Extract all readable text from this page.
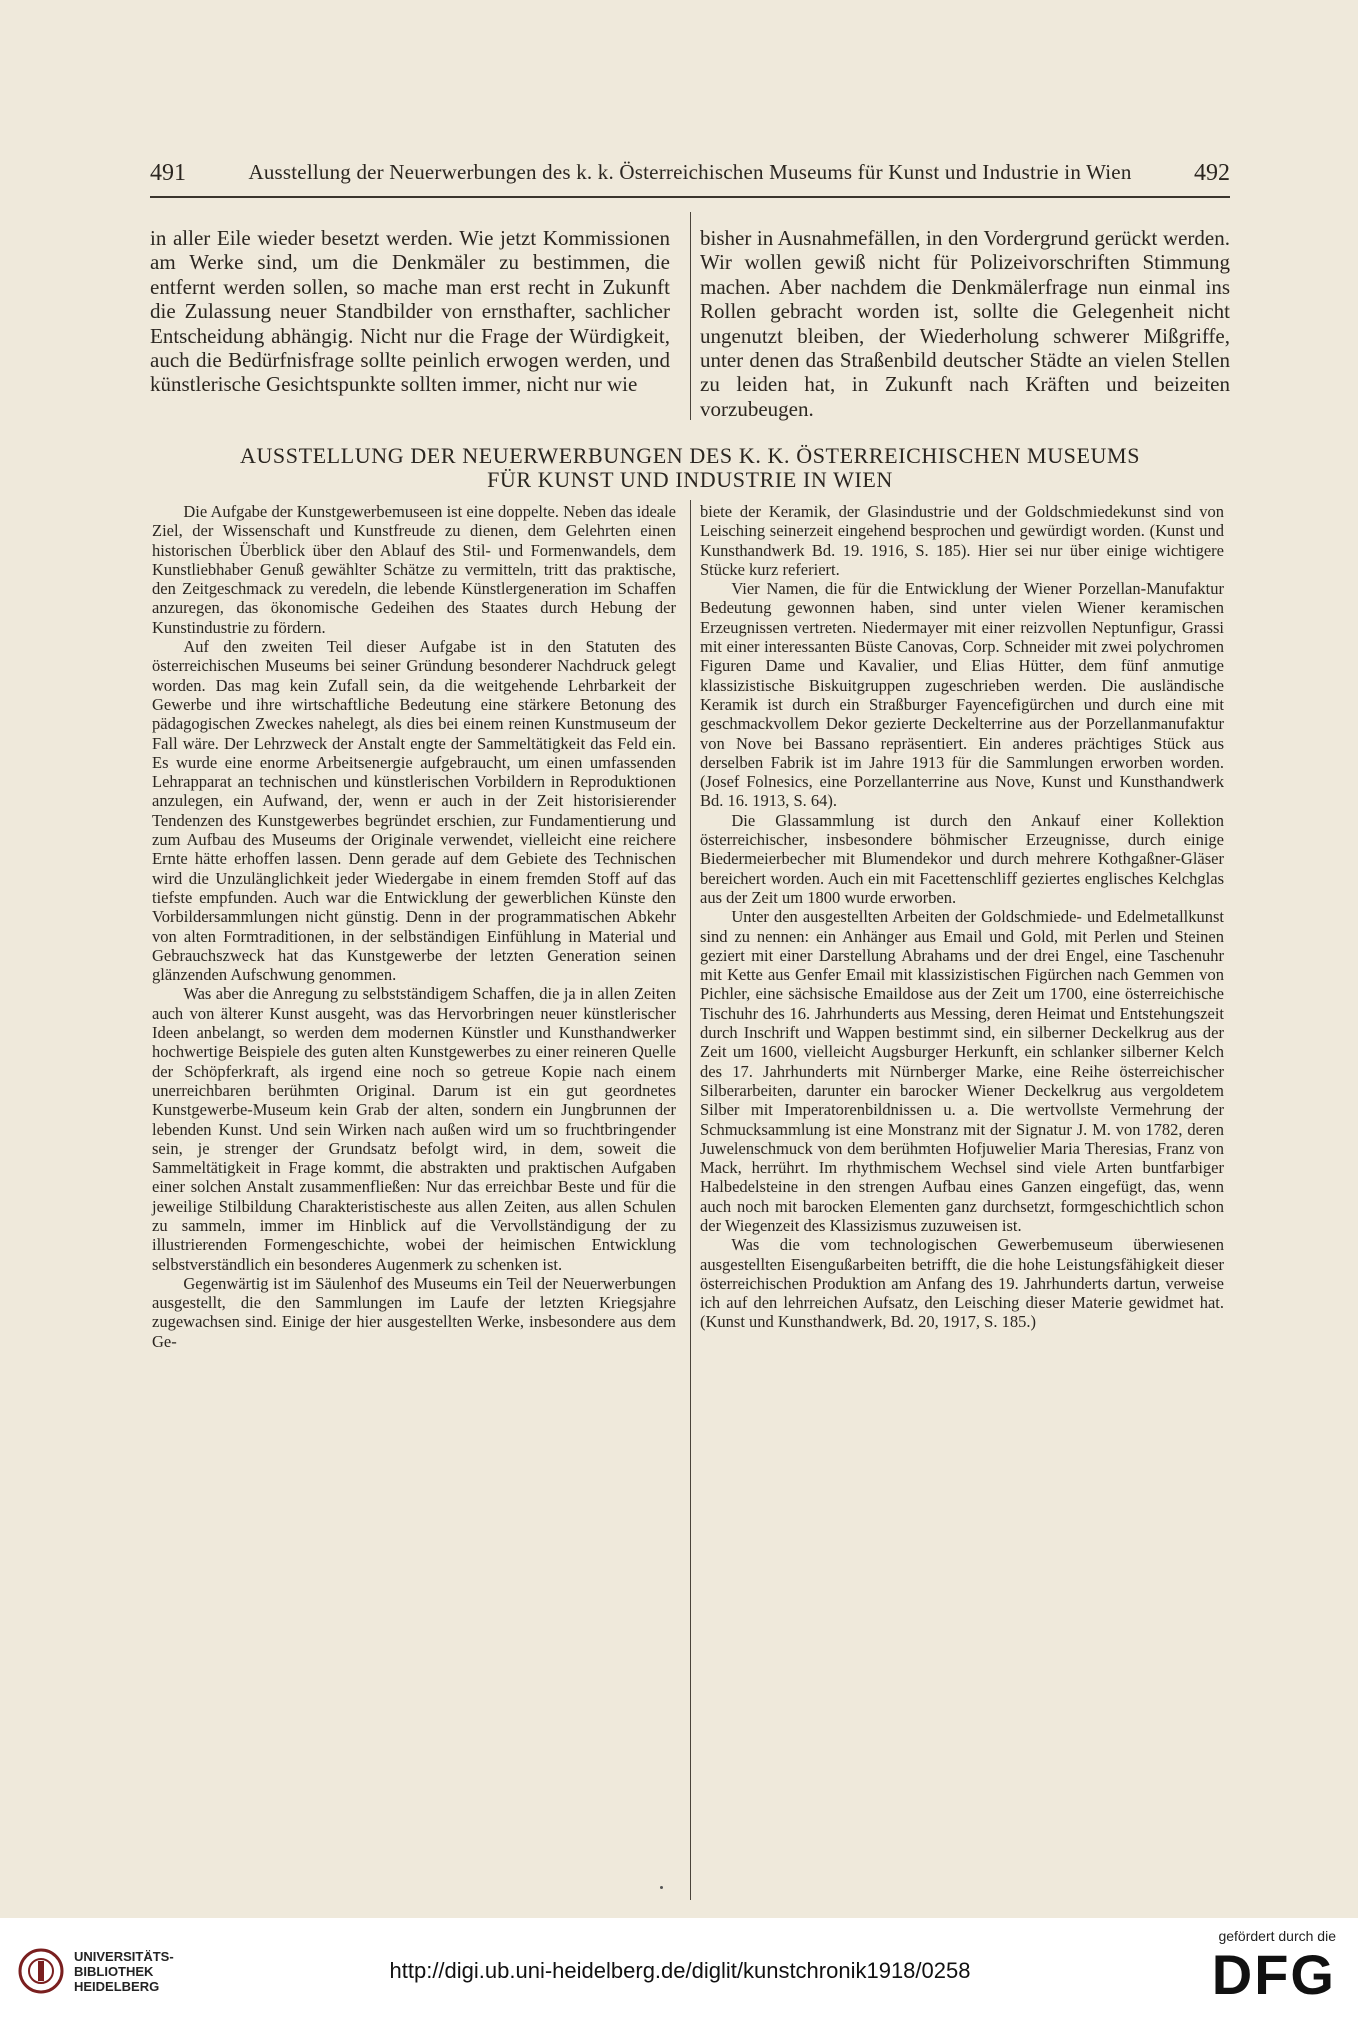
491	Ausstellung der Neuerwerbungen des k. k. Österreichischen Museums für Kunst und Industrie in Wien	492

in aller Eile wieder besetzt werden. Wie jetzt Kommissionen am Werke sind, um die Denkmäler zu bestimmen, die entfernt werden sollen, so mache man erst recht in Zukunft die Zulassung neuer Standbilder von ernsthafter, sachlicher Entscheidung abhängig. Nicht nur die Frage der Würdigkeit, auch die Bedürfnisfrage sollte peinlich erwogen werden, und künstlerische Gesichtspunkte sollten immer, nicht nur wie

bisher in Ausnahmefällen, in den Vordergrund gerückt werden. Wir wollen gewiß nicht für Polizeivorschriften Stimmung machen. Aber nachdem die Denkmälerfrage nun einmal ins Rollen gebracht worden ist, sollte die Gelegenheit nicht ungenutzt bleiben, der Wiederholung schwerer Mißgriffe, unter denen das Straßenbild deutscher Städte an vielen Stellen zu leiden hat, in Zukunft nach Kräften und beizeiten vorzubeugen.

AUSSTELLUNG DER NEUERWERBUNGEN DES K. K. ÖSTERREICHISCHEN MUSEUMS
FÜR KUNST UND INDUSTRIE IN WIEN

Die Aufgabe der Kunstgewerbemuseen ist eine doppelte. Neben das ideale Ziel, der Wissenschaft und Kunstfreude zu dienen, dem Gelehrten einen historischen Überblick über den Ablauf des Stil- und Formenwandels, dem Kunstliebhaber Genuß gewählter Schätze zu vermitteln, tritt das praktische, den Zeitgeschmack zu veredeln, die lebende Künstlergeneration im Schaffen anzuregen, das ökonomische Gedeihen des Staates durch Hebung der Kunstindustrie zu fördern.

Auf den zweiten Teil dieser Aufgabe ist in den Statuten des österreichischen Museums bei seiner Gründung besonderer Nachdruck gelegt worden. Das mag kein Zufall sein, da die weitgehende Lehrbarkeit der Gewerbe und ihre wirtschaftliche Bedeutung eine stärkere Betonung des pädagogischen Zweckes nahelegt, als dies bei einem reinen Kunstmuseum der Fall wäre. Der Lehrzweck der Anstalt engte der Sammeltätigkeit das Feld ein. Es wurde eine enorme Arbeitsenergie aufgebraucht, um einen umfassenden Lehrapparat an technischen und künstlerischen Vorbildern in Reproduktionen anzulegen, ein Aufwand, der, wenn er auch in der Zeit historisierender Tendenzen des Kunstgewerbes begründet erschien, zur Fundamentierung und zum Aufbau des Museums der Originale verwendet, vielleicht eine reichere Ernte hätte erhoffen lassen. Denn gerade auf dem Gebiete des Technischen wird die Unzulänglichkeit jeder Wiedergabe in einem fremden Stoff auf das tiefste empfunden. Auch war die Entwicklung der gewerblichen Künste den Vorbildersammlungen nicht günstig. Denn in der programmatischen Abkehr von alten Formtraditionen, in der selbständigen Einfühlung in Material und Gebrauchszweck hat das Kunstgewerbe der letzten Generation seinen glänzenden Aufschwung genommen.

Was aber die Anregung zu selbstständigem Schaffen, die ja in allen Zeiten auch von älterer Kunst ausgeht, was das Hervorbringen neuer künstlerischer Ideen anbelangt, so werden dem modernen Künstler und Kunsthandwerker hochwertige Beispiele des guten alten Kunstgewerbes zu einer reineren Quelle der Schöpferkraft, als irgend eine noch so getreue Kopie nach einem unerreichbaren berühmten Original. Darum ist ein gut geordnetes Kunstgewerbe-Museum kein Grab der alten, sondern ein Jungbrunnen der lebenden Kunst. Und sein Wirken nach außen wird um so fruchtbringender sein, je strenger der Grundsatz befolgt wird, in dem, soweit die Sammeltätigkeit in Frage kommt, die abstrakten und praktischen Aufgaben einer solchen Anstalt zusammenfließen: Nur das erreichbar Beste und für die jeweilige Stilbildung Charakteristischeste aus allen Zeiten, aus allen Schulen zu sammeln, immer im Hinblick auf die Vervollständigung der zu illustrierenden Formengeschichte, wobei der heimischen Entwicklung selbstverständlich ein besonderes Augenmerk zu schenken ist.

Gegenwärtig ist im Säulenhof des Museums ein Teil der Neuerwerbungen ausgestellt, die den Sammlungen im Laufe der letzten Kriegsjahre zugewachsen sind. Einige der hier ausgestellten Werke, insbesondere aus dem Ge-

biete der Keramik, der Glasindustrie und der Goldschmiedekunst sind von Leisching seinerzeit eingehend besprochen und gewürdigt worden. (Kunst und Kunsthandwerk Bd. 19. 1916, S. 185). Hier sei nur über einige wichtigere Stücke kurz referiert.

Vier Namen, die für die Entwicklung der Wiener Porzellan-Manufaktur Bedeutung gewonnen haben, sind unter vielen Wiener keramischen Erzeugnissen vertreten. Niedermayer mit einer reizvollen Neptunfigur, Grassi mit einer interessanten Büste Canovas, Corp. Schneider mit zwei polychromen Figuren Dame und Kavalier, und Elias Hütter, dem fünf anmutige klassizistische Biskuitgruppen zugeschrieben werden. Die ausländische Keramik ist durch ein Straßburger Fayencefigürchen und durch eine mit geschmackvollem Dekor gezierte Deckelterrine aus der Porzellanmanufaktur von Nove bei Bassano repräsentiert. Ein anderes prächtiges Stück aus derselben Fabrik ist im Jahre 1913 für die Sammlungen erworben worden. (Josef Folnesics, eine Porzellanterrine aus Nove, Kunst und Kunsthandwerk Bd. 16. 1913, S. 64).

Die Glassammlung ist durch den Ankauf einer Kollektion österreichischer, insbesondere böhmischer Erzeugnisse, durch einige Biedermeierbecher mit Blumendekor und durch mehrere Kothgaßner-Gläser bereichert worden. Auch ein mit Facettenschliff geziertes englisches Kelchglas aus der Zeit um 1800 wurde erworben.

Unter den ausgestellten Arbeiten der Goldschmiede- und Edelmetallkunst sind zu nennen: ein Anhänger aus Email und Gold, mit Perlen und Steinen geziert mit einer Darstellung Abrahams und der drei Engel, eine Taschenuhr mit Kette aus Genfer Email mit klassizistischen Figürchen nach Gemmen von Pichler, eine sächsische Emaildose aus der Zeit um 1700, eine österreichische Tischuhr des 16. Jahrhunderts aus Messing, deren Heimat und Entstehungszeit durch Inschrift und Wappen bestimmt sind, ein silberner Deckelkrug aus der Zeit um 1600, vielleicht Augsburger Herkunft, ein schlanker silberner Kelch des 17. Jahrhunderts mit Nürnberger Marke, eine Reihe österreichischer Silberarbeiten, darunter ein barocker Wiener Deckelkrug aus vergoldetem Silber mit Imperatorenbildnissen u. a. Die wertvollste Vermehrung der Schmucksammlung ist eine Monstranz mit der Signatur J. M. von 1782, deren Juwelenschmuck von dem berühmten Hofjuwelier Maria Theresias, Franz von Mack, herrührt. Im rhythmischem Wechsel sind viele Arten buntfarbiger Halbedelsteine in den strengen Aufbau eines Ganzen eingefügt, das, wenn auch noch mit barocken Elementen ganz durchsetzt, formgeschichtlich schon der Wiegenzeit des Klassizismus zuzuweisen ist.

Was die vom technologischen Gewerbemuseum überwiesenen ausgestellten Eisengußarbeiten betrifft, die die hohe Leistungsfähigkeit dieser österreichischen Produktion am Anfang des 19. Jahrhunderts dartun, verweise ich auf den lehrreichen Aufsatz, den Leisching dieser Materie gewidmet hat. (Kunst und Kunsthandwerk, Bd. 20, 1917, S. 185.)

UNIVERSITÄTS-
BIBLIOTHEK
HEIDELBERG
http://digi.ub.uni-heidelberg.de/diglit/kunstchronik1918/0258
gefördert durch die
DFG
